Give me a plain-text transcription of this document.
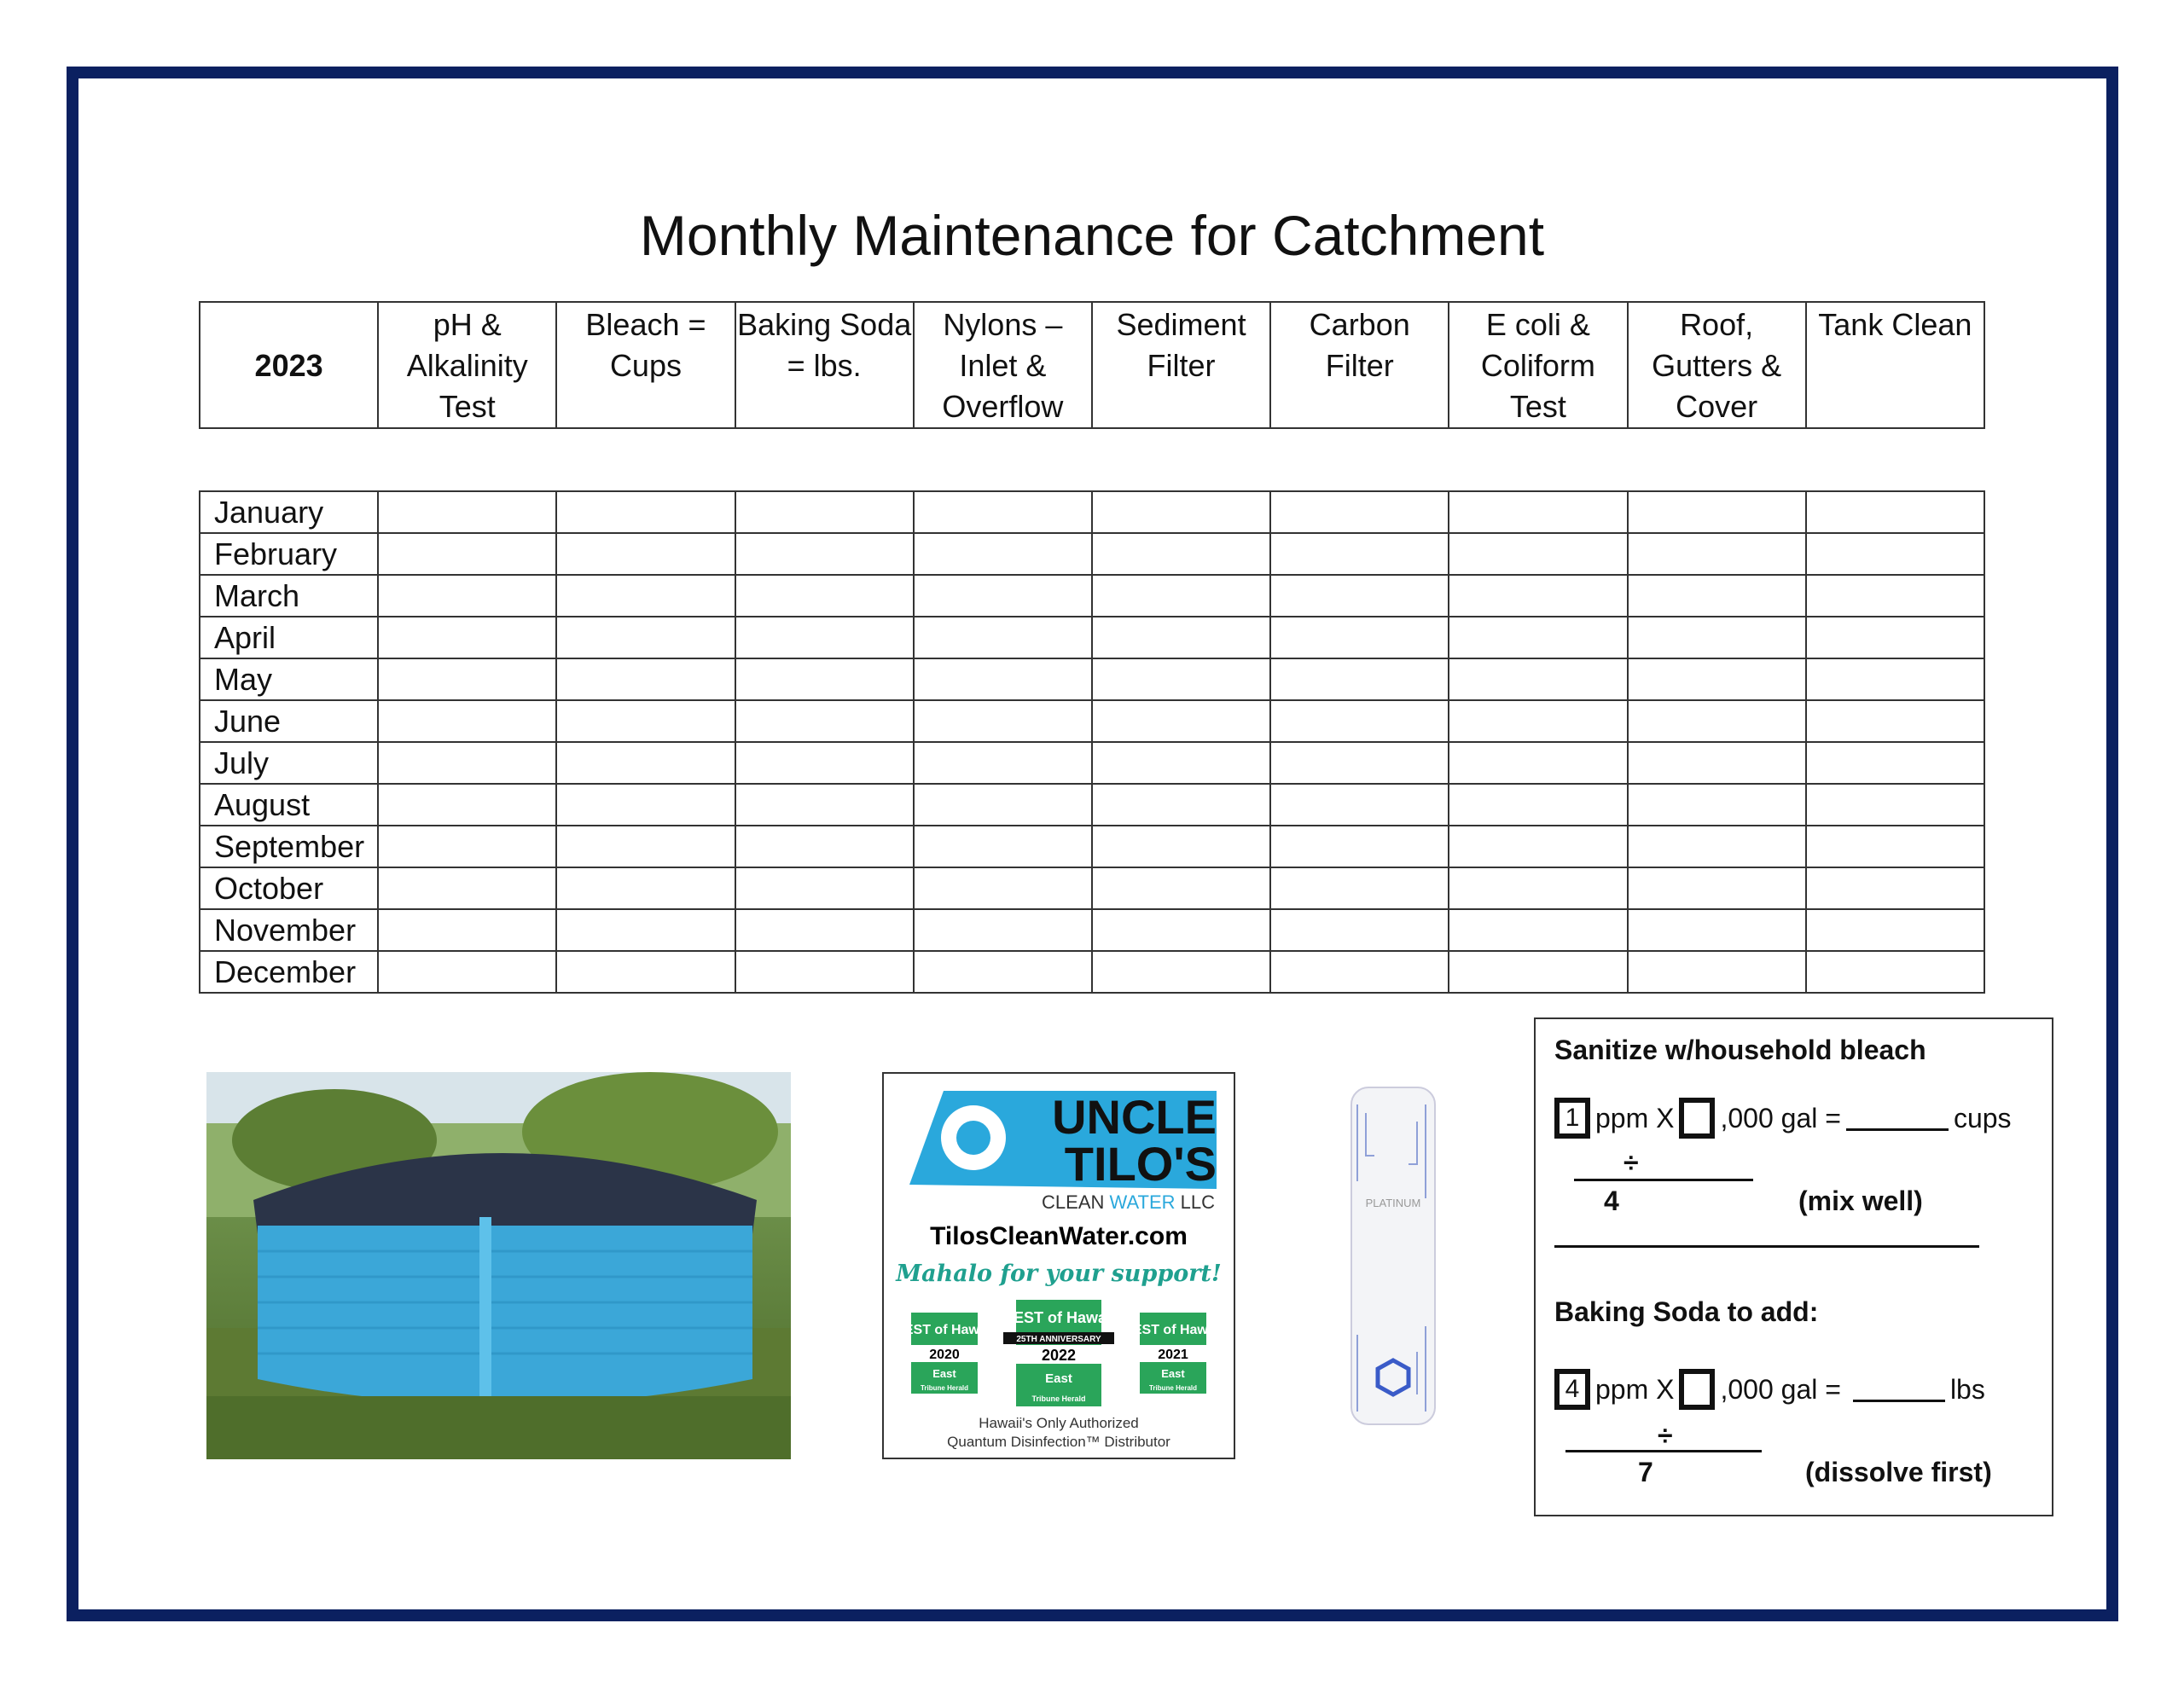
Monthly Maintenance for Catchment
2023	pH & Alkalinity Test	Bleach = Cups	Baking Soda = lbs.	Nylons – Inlet & Overflow	Sediment Filter	Carbon Filter	E coli & Coliform Test	Roof, Gutters & Cover	Tank Clean
January									
February									
March									
April									
May									
June									
July									
August									
September									
October									
November									
December									
UNCLE
TILO'S
CLEAN WATER LLC
TilosCleanWater.com
Mahalo for your support!
BEST of Hawaii
2020
East
Tribune Herald
BEST of Hawaii
25TH ANNIVERSARY
2022
East
Tribune Herald
BEST of Hawaii
2021
East
Tribune Herald
Hawaii's Only Authorized
Quantum Disinfection™ Distributor
PLATINUM
Sanitize w/household bleach
1 ppm X ,000 gal =	cups
÷
4	(mix well)
Baking Soda to add:
4 ppm X ,000 gal =	lbs
÷
7	(dissolve first)
